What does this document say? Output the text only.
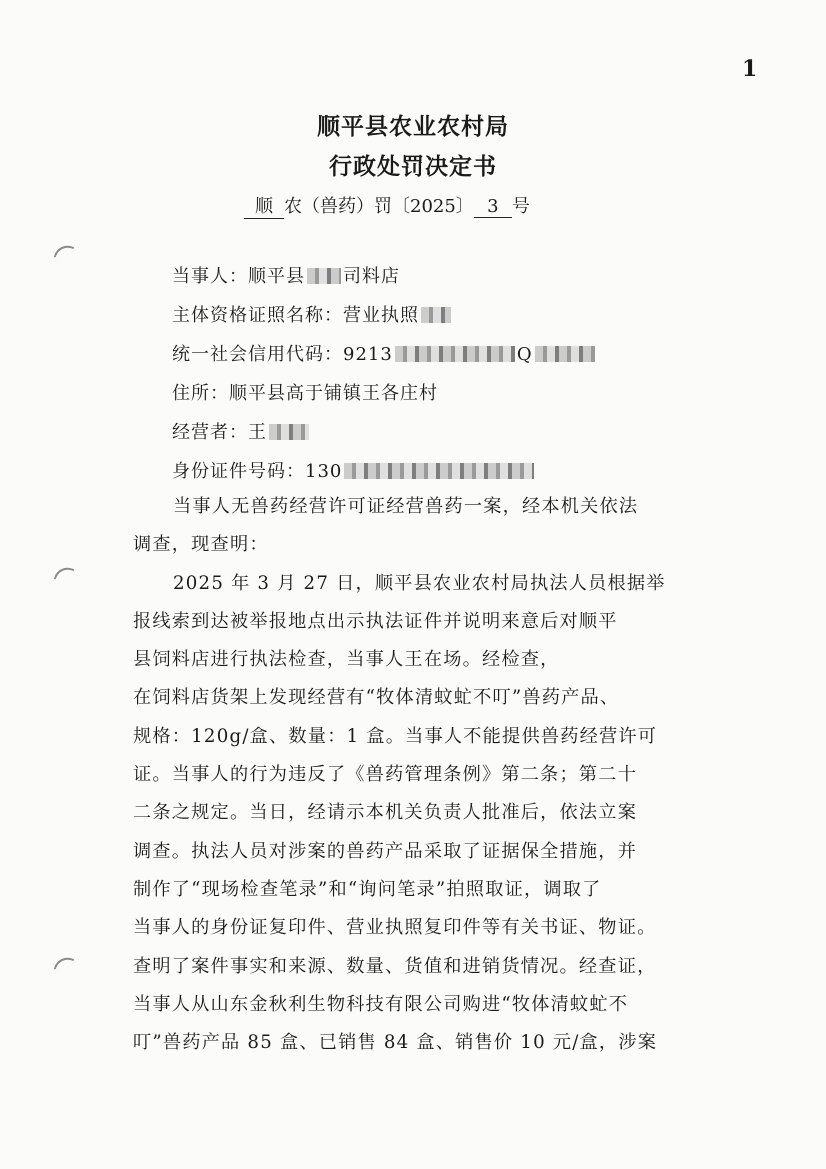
1
顺平县农业农村局
行政处罚决定书
顺 农（兽药）罚〔2025〕 3 号
当事人：顺平县 司料店
主体资格证照名称：营业执照
统一社会信用代码：9213	Q
住所：顺平县高于铺镇王各庄村
经营者：王
身份证件号码：130
当事人无兽药经营许可证经营兽药一案，经本机关依法
调查，现查明：
2025 年 3 月 27 日，顺平县农业农村局执法人员根据举
报线索到达被举报地点出示执法证件并说明来意后对顺平
县饲料店进行执法检查，当事人王在场。经检查，
在饲料店货架上发现经营有“牧体清蚊虻不叮”兽药产品、
规格：120g/盒、数量：1 盒。当事人不能提供兽药经营许可
证。当事人的行为违反了《兽药管理条例》第二条；第二十
二条之规定。当日，经请示本机关负责人批准后，依法立案
调查。执法人员对涉案的兽药产品采取了证据保全措施，并
制作了“现场检查笔录”和“询问笔录”拍照取证，调取了
当事人的身份证复印件、营业执照复印件等有关书证、物证。
查明了案件事实和来源、数量、货值和进销货情况。经查证，
当事人从山东金秋利生物科技有限公司购进“牧体清蚊虻不
叮”兽药产品 85 盒、已销售 84 盒、销售价 10 元/盒，涉案
